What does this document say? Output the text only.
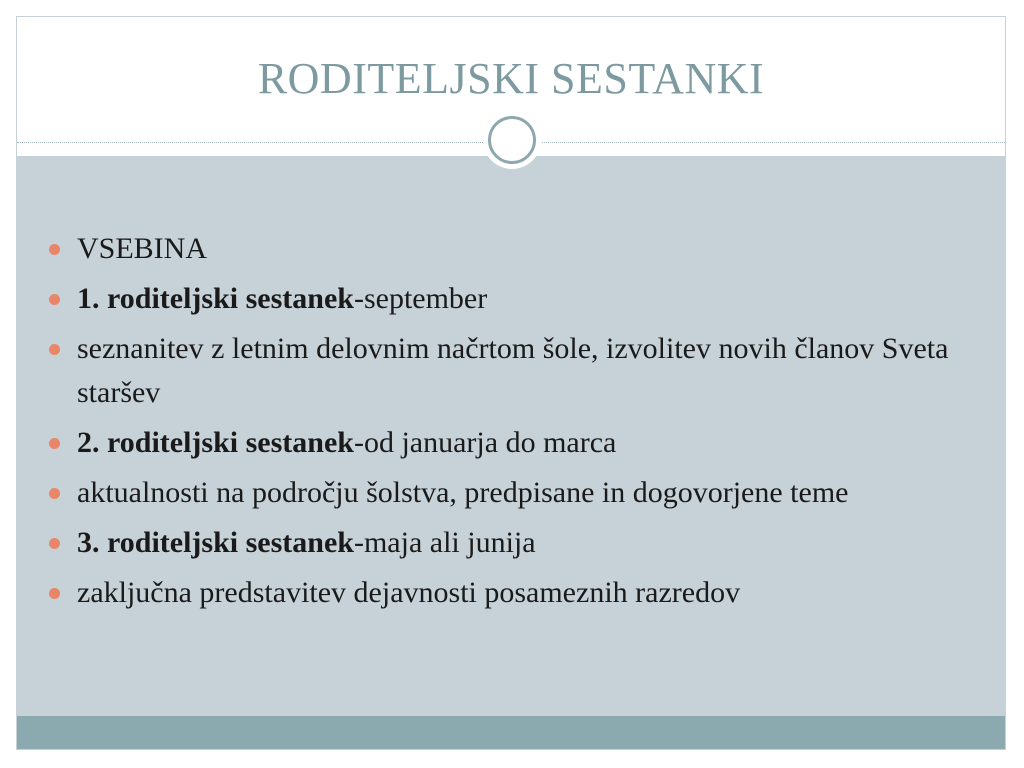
RODITELJSKI SESTANKI
VSEBINA
1. roditeljski sestanek-september
seznanitev z letnim delovnim načrtom šole, izvolitev novih članov Sveta staršev
2. roditeljski sestanek-od januarja do marca
aktualnosti na področju šolstva, predpisane in dogovorjene teme
3. roditeljski sestanek-maja ali junija
zaključna predstavitev dejavnosti posameznih razredov
